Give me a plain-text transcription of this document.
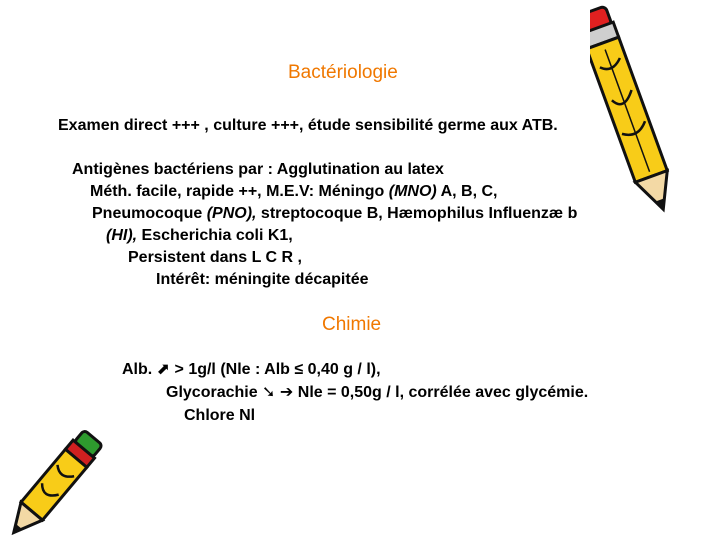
Bactériologie
Examen direct +++ , culture +++, étude sensibilité germe aux ATB.
Antigènes bactériens par : Agglutination au latex
Méth. facile, rapide ++, M.E.V: Méningo (MNO) A, B, C,
Pneumocoque (PNO), streptocoque B, Hæmophilus Influenzæ b
(HI), Escherichia coli K1,
Persistent dans L C R ,
Intérêt: méningite décapitée
Chimie
Alb. ⬈ > 1g/l (Nle : Alb ≤ 0,40 g / l),
Glycorachie ➘ ➔ Nle = 0,50g / l, corrélée avec glycémie.
Chlore Nl
